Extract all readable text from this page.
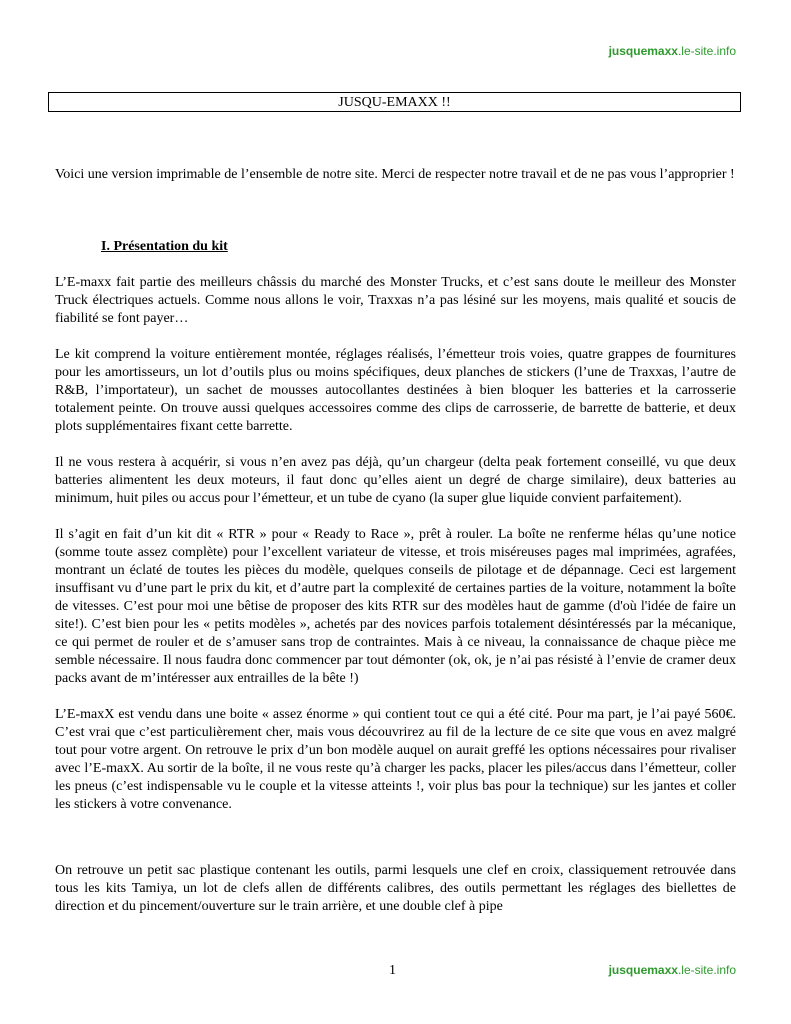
jusquemaxx.le-site.info
JUSQU-EMAXX !!

Voici une version imprimable de l’ensemble de notre site. Merci de respecter notre travail et de ne pas vous l’approprier !

I. Présentation du kit

L’E-maxx fait partie des meilleurs châssis du marché des Monster Trucks, et c’est sans doute le meilleur des Monster Truck électriques actuels. Comme nous allons le voir, Traxxas n’a pas lésiné sur les moyens, mais qualité et soucis de fiabilité se font payer…

Le kit comprend la voiture entièrement montée, réglages réalisés, l’émetteur trois voies, quatre grappes de fournitures pour les amortisseurs, un lot d’outils plus ou moins spécifiques, deux planches de stickers (l’une de Traxxas, l’autre de R&B, l’importateur), un sachet de mousses autocollantes destinées à bien bloquer les batteries et la carrosserie totalement peinte. On trouve aussi quelques accessoires comme des clips de carrosserie, de barrette de batterie, et deux plots supplémentaires fixant cette barrette.

Il ne vous restera à acquérir, si vous n’en avez pas déjà, qu’un chargeur (delta peak fortement conseillé, vu que deux batteries alimentent les deux moteurs, il faut donc qu’elles aient un degré de charge similaire), deux batteries au minimum, huit piles ou accus pour l’émetteur, et un tube de cyano (la super glue liquide convient parfaitement).

Il s’agit en fait d’un kit dit « RTR » pour « Ready to Race », prêt à rouler. La boîte ne renferme hélas qu’une notice (somme toute assez complète) pour l’excellent variateur de vitesse, et trois miséreuses pages mal imprimées, agrafées, montrant un éclaté de toutes les pièces du modèle, quelques conseils de pilotage et de dépannage. Ceci est largement insuffisant vu d’une part le prix du kit, et d’autre part la complexité de certaines parties de la voiture, notamment la boîte de vitesses. C’est pour moi une bêtise de proposer des kits RTR sur des modèles haut de gamme (d'où l'idée de faire un site!). C’est bien pour les « petits modèles », achetés par des novices parfois totalement désintéressés par la mécanique, ce qui permet de rouler et de s’amuser sans trop de contraintes. Mais à ce niveau, la connaissance de chaque pièce me semble nécessaire. Il nous faudra donc commencer par tout démonter (ok, ok, je n’ai pas résisté à l’envie de cramer deux packs avant de m’intéresser aux entrailles de la bête !)

L’E-maxX est vendu dans une boite « assez énorme » qui contient tout ce qui a été cité. Pour ma part, je l’ai payé 560€. C’est vrai que c’est particulièrement cher, mais vous découvrirez au fil de la lecture de ce site que vous en avez malgré tout pour votre argent. On retrouve le prix d’un bon modèle auquel on aurait greffé les options nécessaires pour rivaliser avec l’E-maxX. Au sortir de la boîte, il ne vous reste qu’à charger les packs, placer les piles/accus dans l’émetteur, coller les pneus (c’est indispensable vu le couple et la vitesse atteints !, voir plus bas pour la technique) sur les jantes et coller les stickers à votre convenance.

On retrouve un petit sac plastique contenant les outils, parmi lesquels une clef en croix, classiquement retrouvée dans tous les kits Tamiya, un lot de clefs allen de différents calibres, des outils permettant les réglages des biellettes de direction et du pincement/ouverture sur le train arrière, et une double clef à pipe

1	jusquemaxx.le-site.info
